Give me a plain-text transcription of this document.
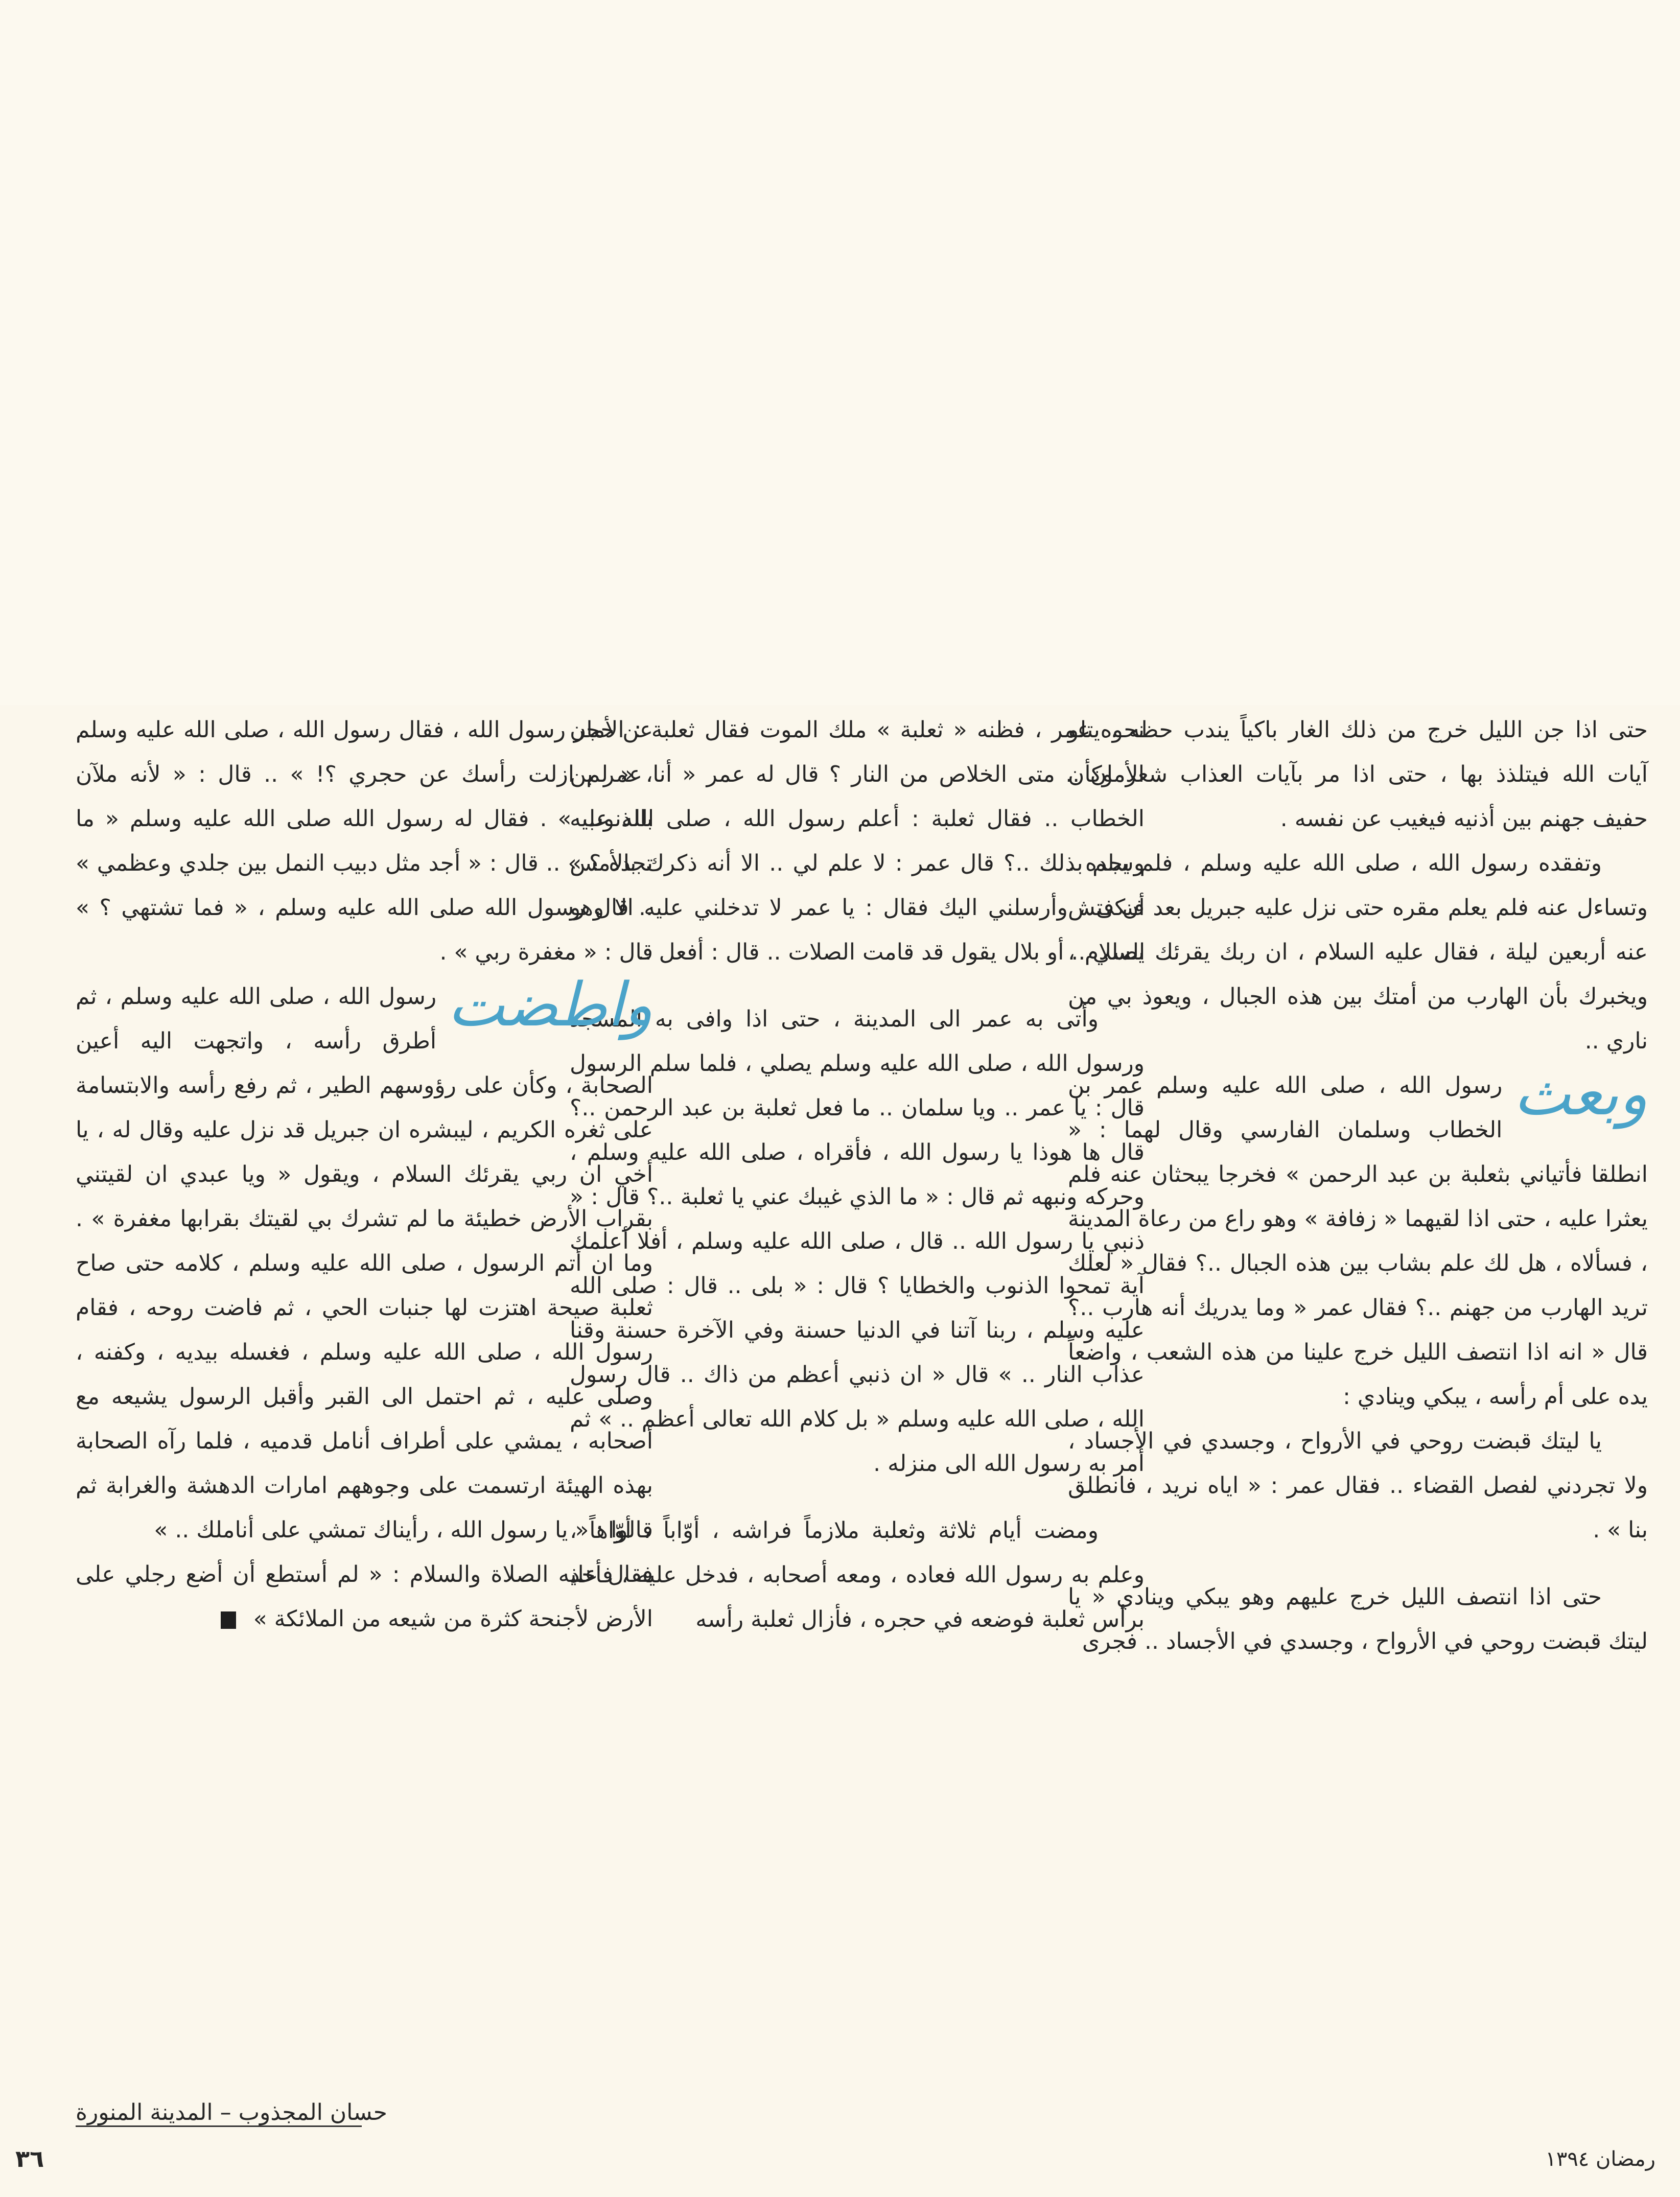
حتى اذا جن الليل خرج من ذلك الغار باكياً يندب حظه ، يتلو آيات الله فيتلذذ بها ، حتى اذا مر بآيات العذاب شعر وكأن حفيف جهنم بين أذنيه فيغيب عن نفسه .

وتفقده رسول الله ، صلى الله عليه وسلم ، فلم يجده . وتساءل عنه فلم يعلم مقره حتى نزل عليه جبريل بعد أن فتش عنه أربعين ليلة ، فقال عليه السلام ، ان ربك يقرئك السلام ، ويخبرك بأن الهارب من أمتك بين هذه الجبال ، ويعوذ بي من ناري ..

وبعث
رسول الله ، صلى الله عليه وسلم عمر بن الخطاب وسلمان الفارسي وقال لهما : « انطلقا فأتياني بثعلبة بن عبد الرحمن » فخرجا يبحثان عنه فلم يعثرا عليه ، حتى اذا لقيهما « زفافة » وهو راع من رعاة المدينة ، فسألاه ، هل لك علم بشاب بين هذه الجبال ..؟ فقال « لعلك تريد الهارب من جهنم ..؟ فقال عمر « وما يدريك أنه هارب ..؟ قال « انه اذا انتصف الليل خرج علينا من هذه الشعب ، واضعاً يده على أم رأسه ، يبكي وينادي :

يا ليتك قبضت روحي في الأرواح ، وجسدي في الأجساد ، ولا تجردني لفصل القضاء .. فقال عمر : « اياه نريد ، فانطلق بنا » .

حتى اذا انتصف الليل خرج عليهم وهو يبكي وينادي « يا ليتك قبضت روحي في الأرواح ، وجسدي في الأجساد .. فجرى

نحوه عمر ، فظنه « ثعلبة » ملك الموت فقال ثعلبة : الأمان الأمان .. متى الخلاص من النار ؟ قال له عمر « أنا عمر بن الخطاب .. فقال ثعلبة : أعلم رسول الله ، صلى الله عليه وسلم بذلك ..؟ قال عمر : لا علم لي .. الا أنه ذكرك بالأمس فبكى ، وأرسلني اليك فقال : يا عمر لا تدخلني عليه الا وهو يصلي .. أو بلال يقول قد قامت الصلات .. قال : أفعل ..

وأتى به عمر الى المدينة ، حتى اذا وافى به المسجد ورسول الله ، صلى الله عليه وسلم يصلي ، فلما سلم الرسول قال : يا عمر .. ويا سلمان .. ما فعل ثعلبة بن عبد الرحمن ..؟ قال ها هوذا يا رسول الله ، فأقراه ، صلى الله عليه وسلم ، وحركه ونبهه ثم قال : « ما الذي غيبك عني يا ثعلبة ..؟ قال : « ذنبي يا رسول الله .. قال ، صلى الله عليه وسلم ، أفلا أعلمك آية تمحوا الذنوب والخطايا ؟ قال : « بلى .. قال : صلى الله عليه وسلم ، ربنا آتنا في الدنيا حسنة وفي الآخرة حسنة وقنا عذاب النار .. » قال « ان ذنبي أعظم من ذاك .. قال رسول الله ، صلى الله عليه وسلم « بل كلام الله تعالى أعظم .. » ثم أمر به رسول الله الى منزله .

ومضت أيام ثلاثة وثعلبة ملازماً فراشه ، أوّاباً ، أوّاهاً ، وعلم به رسول الله فعاده ، ومعه أصحابه ، فدخل عليه ، فأخذ برأس ثعلبة فوضعه في حجره ، فأزال ثعلبة رأسه

عن حجر رسول الله ، فقال رسول الله ، صلى الله عليه وسلم ، « لم ازلت رأسك عن حجري ؟! » .. قال : « لأنه ملآن بالذنوب » . فقال له رسول الله صلى الله عليه وسلم « ما تجده ؟ » .. قال : « أجد مثل دبيب النمل بين جلدي وعظمي » .. قال رسول الله صلى الله عليه وسلم ، « فما تشتهي ؟ » قال : « مغفرة ربي » .

واطضت
رسول الله ، صلى الله عليه وسلم ، ثم أطرق رأسه ، واتجهت اليه أعين الصحابة ، وكأن على رؤوسهم الطير ، ثم رفع رأسه والابتسامة على ثغره الكريم ، ليبشره ان جبريل قد نزل عليه وقال له ، يا أخي ان ربي يقرئك السلام ، ويقول « ويا عبدي ان لقيتني بقراب الأرض خطيئة ما لم تشرك بي لقيتك بقرابها مغفرة » . وما ان أتم الرسول ، صلى الله عليه وسلم ، كلامه حتى صاح ثعلبة صيحة اهتزت لها جنبات الحي ، ثم فاضت روحه ، فقام رسول الله ، صلى الله عليه وسلم ، فغسله بيديه ، وكفنه ، وصلى عليه ، ثم احتمل الى القبر وأقبل الرسول يشيعه مع أصحابه ، يمشي على أطراف أنامل قدميه ، فلما رآه الصحابة بهذه الهيئة ارتسمت على وجوههم امارات الدهشة والغرابة ثم قالوا : « يا رسول الله ، رأيناك تمشي على أناملك .. »

فقال عليه الصلاة والسلام : « لم أستطع أن أضع رجلي على الأرض لأجنحة كثرة من شيعه من الملائكة »

حسان المجذوب – المدينة المنورة
رمضان ١٣٩٤
٣٦
